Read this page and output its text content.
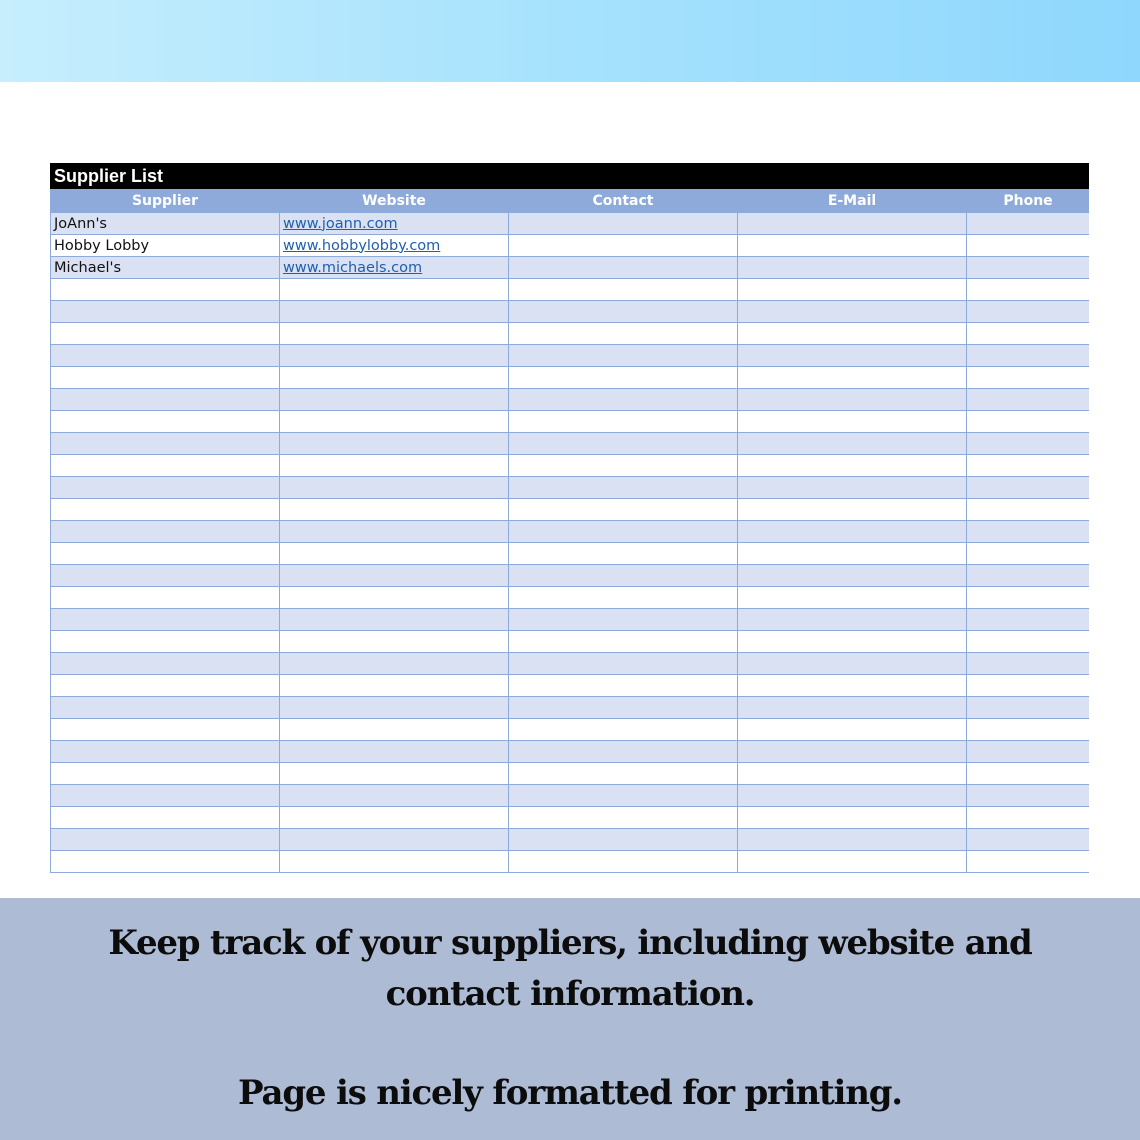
Supplier List
Supplier	Website	Contact	E-Mail	Phone
JoAnn's	www.joann.com			
Hobby Lobby	www.hobbylobby.com			
Michael's	www.michaels.com			

Keep track of your suppliers, including website and contact information.
Page is nicely formatted for printing.
